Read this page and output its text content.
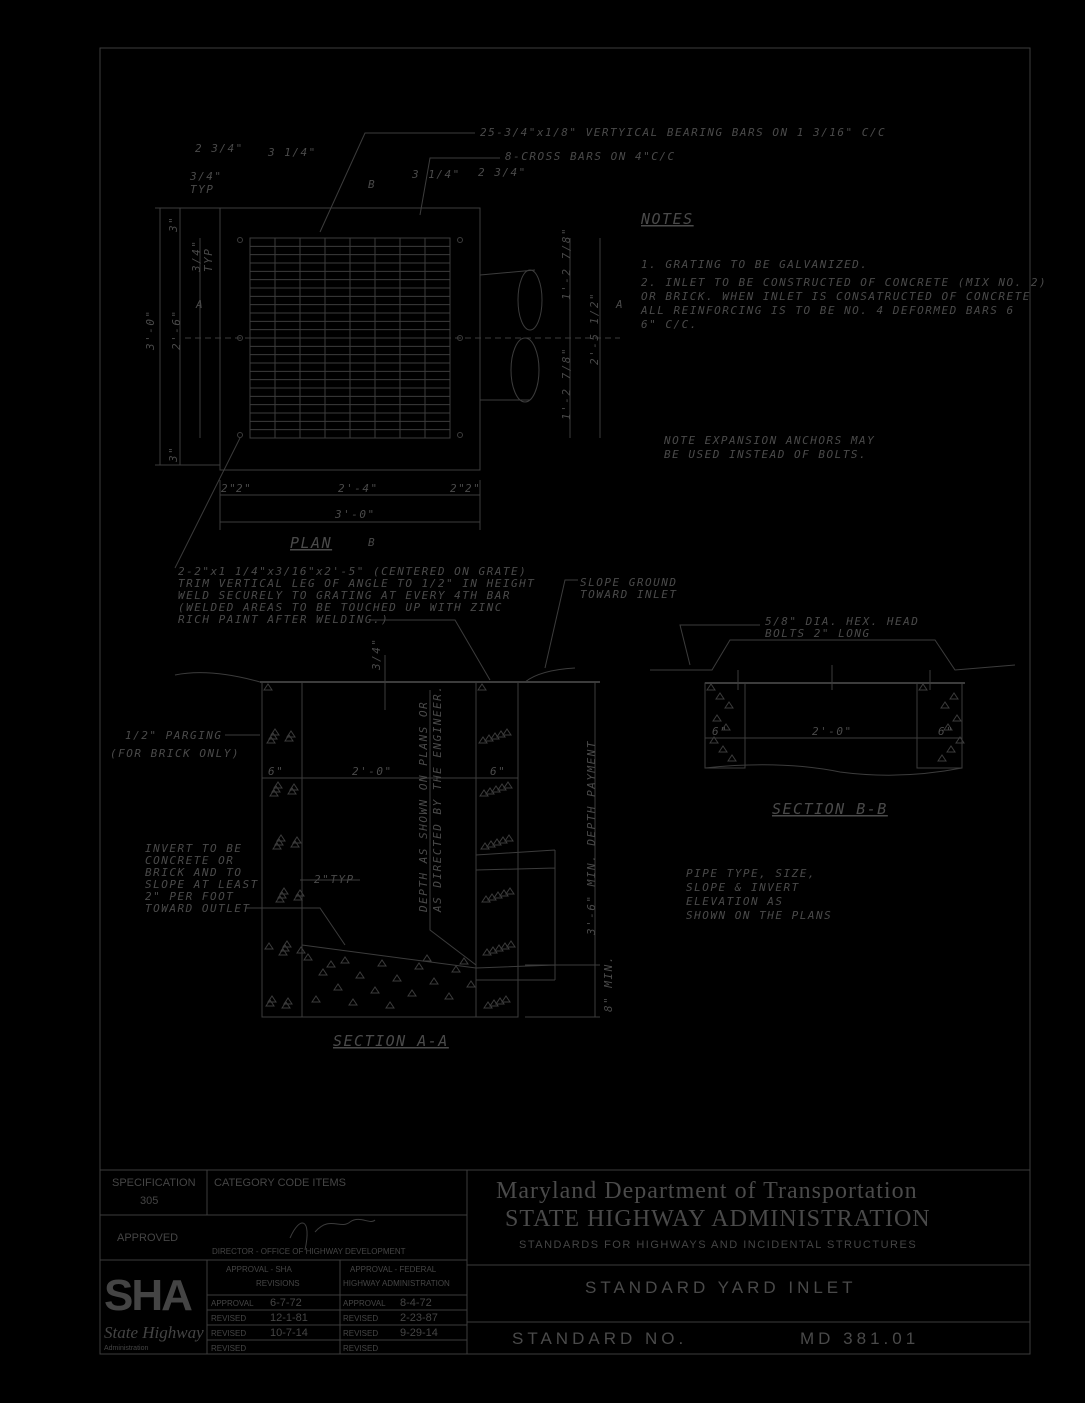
25-3/4"x1/8" VERTYICAL BEARING BARS ON 1 3/16" C/C
8-CROSS BARS ON 4"C/C
2 3/4" 3 1/4"
3/4"
TYP	B
3 1/4" 2 3/4"
3"
3/4" TYP
3'-0" 2'-6"
3"
A	A
1'-2 7/8"
2'-5 1/2"
1'-2 7/8"
2"
2"	2'-4"	2"
2"
3'-0"
PLAN	B
2-2"x1 1/4"x3/16"x2'-5" (CENTERED ON GRATE)
TRIM VERTICAL LEG OF ANGLE TO 1/2" IN HEIGHT
WELD SECURELY TO GRATING AT EVERY 4TH BAR
(WELDED AREAS TO BE TOUCHED UP WITH ZINC
RICH PAINT AFTER WELDING.)
NOTES
1. GRATING TO BE GALVANIZED.
2. INLET TO BE CONSTRUCTED OF CONCRETE (MIX NO. 2)
OR BRICK. WHEN INLET IS CONSATRUCTED OF CONCRETE
ALL REINFORCING IS TO BE NO. 4 DEFORMED BARS 6
6" C/C.
NOTE EXPANSION ANCHORS MAY
BE USED INSTEAD OF BOLTS.
SLOPE GROUND
TOWARD INLET
1/2" PARGING
(FOR BRICK ONLY)
6"	2'-0"	6"
DEPTH AS SHOWN ON PLANS OR AS DIRECTED BY THE ENGINEER.	3'-6" MIN. DEPTH PAYMENT
INVERT TO BE
CONCRETE OR
BRICK AND TO
SLOPE AT LEAST
2" PER FOOT
TOWARD OUTLET
2"TYP
8" MIN.
3/4"
SECTION A-A
5/8" DIA. HEX. HEAD
BOLTS 2" LONG
6"	2'-0"	6"
SECTION B-B
PIPE TYPE, SIZE,
SLOPE & INVERT
ELEVATION AS
SHOWN ON THE PLANS
SPECIFICATION
305
CATEGORY CODE ITEMS
APPROVED
DIRECTOR - OFFICE OF HIGHWAY DEVELOPMENT
APPROVAL - SHA
REVISIONS
APPROVAL - FEDERAL
HIGHWAY ADMINISTRATION
APPROVAL 6-7-72	APPROVAL 8-4-72
REVISED 12-1-81	REVISED 2-23-87
REVISED 10-7-14	REVISED 9-29-14
REVISED	REVISED
SHA
State Highway
Administration
Maryland Department of Transportation
STATE HIGHWAY ADMINISTRATION
STANDARDS FOR HIGHWAYS AND INCIDENTAL STRUCTURES
STANDARD YARD INLET
STANDARD NO.	MD 381.01
